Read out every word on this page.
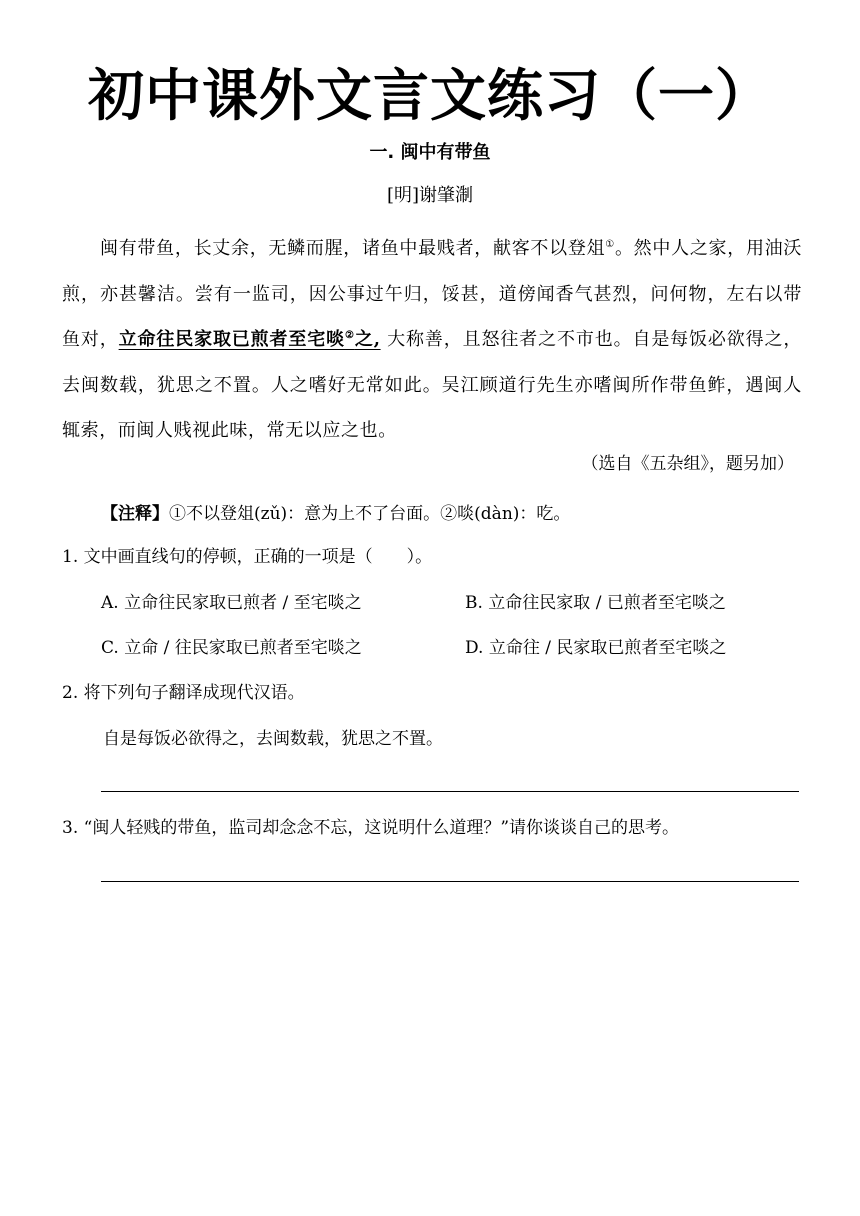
初中课外文言文练习（一）
一. 闽中有带鱼
[明]谢肇淛
闽有带鱼，长丈余，无鳞而腥，诸鱼中最贱者，献客不以登俎①。然中人之家，用油沃煎，亦甚馨洁。尝有一监司，因公事过午归，馁甚，道傍闻香气甚烈，问何物，左右以带鱼对，立命往民家取已煎者至宅啖②之, 大称善，且怒往者之不市也。自是每饭必欲得之，去闽数载，犹思之不置。人之嗜好无常如此。吴江顾道行先生亦嗜闽所作带鱼鲊，遇闽人辄索，而闽人贱视此味，常无以应之也。
（选自《五杂组》，题另加）
【注释】①不以登俎(zǔ)：意为上不了台面。②啖(dàn)：吃。
1. 文中画直线句的停顿，正确的一项是（　　）。
A. 立命往民家取已煎者 / 至宅啖之	B. 立命往民家取 / 已煎者至宅啖之
C. 立命 / 往民家取已煎者至宅啖之	D. 立命往 / 民家取已煎者至宅啖之
2. 将下列句子翻译成现代汉语。
自是每饭必欲得之，去闽数载，犹思之不置。
3. “闽人轻贱的带鱼，监司却念念不忘，这说明什么道理？”请你谈谈自己的思考。
